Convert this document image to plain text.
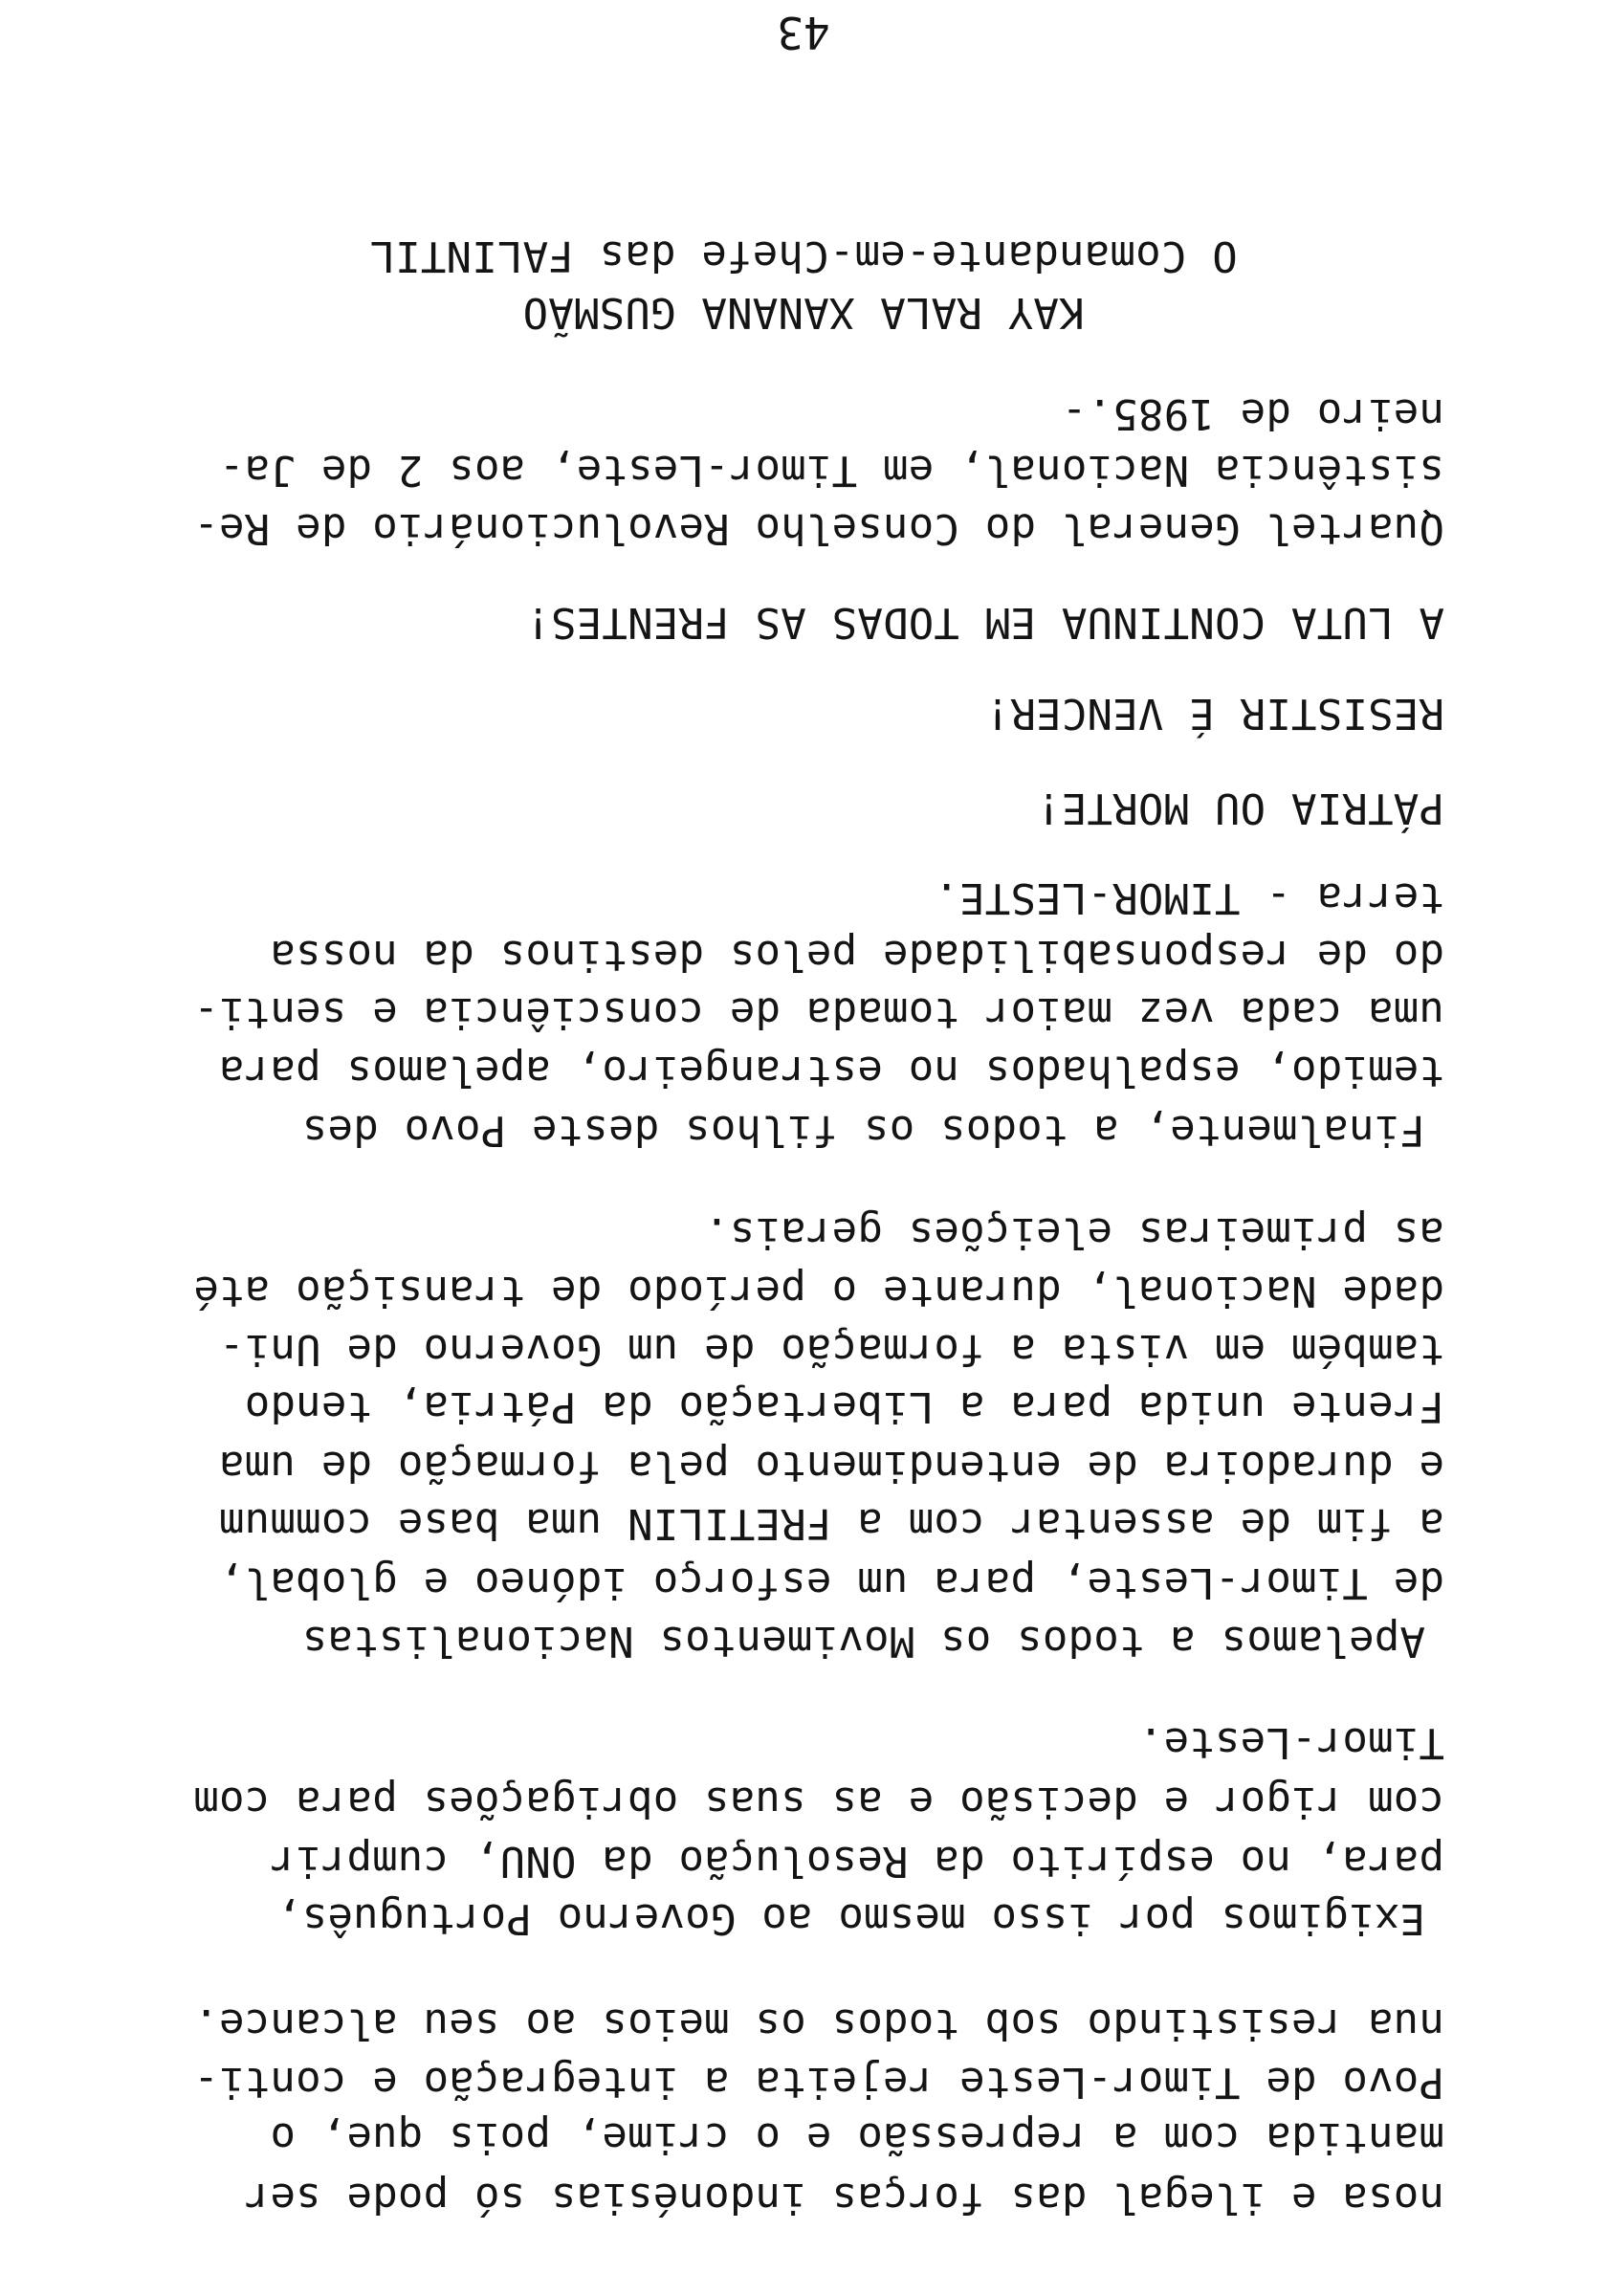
nosa e ilegal das forças indonésias só pode ser

mantida com a repressão e o crime, pois que, o

Povo de Timor-Leste rejeita a integração e conti-

nua resistindo sob todos os meios ao seu alcance.

Exigimos por isso mesmo ao Governo Português,

para, no espírito da Resolução da ONU, cumprir

com rigor e decisão e as suas obrigações para com

Timor-Leste.

Apelamos a todos os Movimentos Nacionalistas

de Timor-Leste, para um esforço idóneo e global,

a fim de assentar com a FRETILIN uma base commum

e duradoira de entendimento pela formação de uma

Frente unida para a Libertação da Pátria, tendo

também em vista a formação de um Governo de Uni-

dade Nacional, durante o período de transição até

as primeiras eleições gerais.

Finalmente, a todos os filhos deste Povo des

temido, espalhados no estrangeiro, apelamos para

uma cada vez maior tomada de consciência e senti-

do de responsabilidade pelos destinos da nossa

terra - TIMOR-LESTE.

PÁTRIA OU MORTE!

RESISTIR É VENCER!

A LUTA CONTINUA EM TODAS AS FRENTES!

Quartel General do Conselho Revolucionário de Re-

sistência Nacional, em Timor-Leste, aos 2 de Ja-

neiro de 1985.-

KAY RALA XANANA GUSMÃO

O Comandante-em-Chefe das FALINTIL

43
